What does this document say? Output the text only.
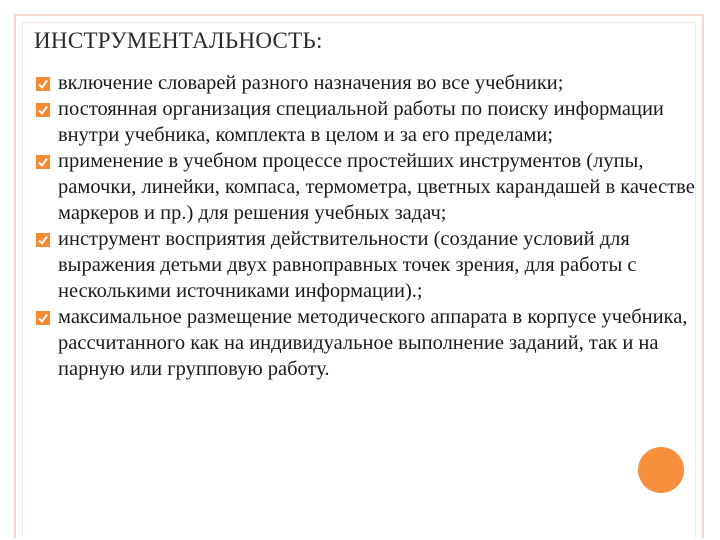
ИНСТРУМЕНТАЛЬНОСТЬ:
включение словарей разного назначения во все учебники;
постоянная организация специальной работы по поиску информации внутри учебника, комплекта в целом и за его пределами;
применение в учебном процессе простейших инструментов (лупы, рамочки, линейки, компаса, термометра, цветных карандашей в качестве маркеров и пр.) для решения учебных задач;
инструмент восприятия действительности (создание условий для выражения детьми двух равноправных точек зрения, для работы с несколькими источниками информации).;
максимальное размещение методического аппарата в корпусе учебника, рассчитанного как на индивидуальное выполнение заданий, так и на парную или групповую работу.
